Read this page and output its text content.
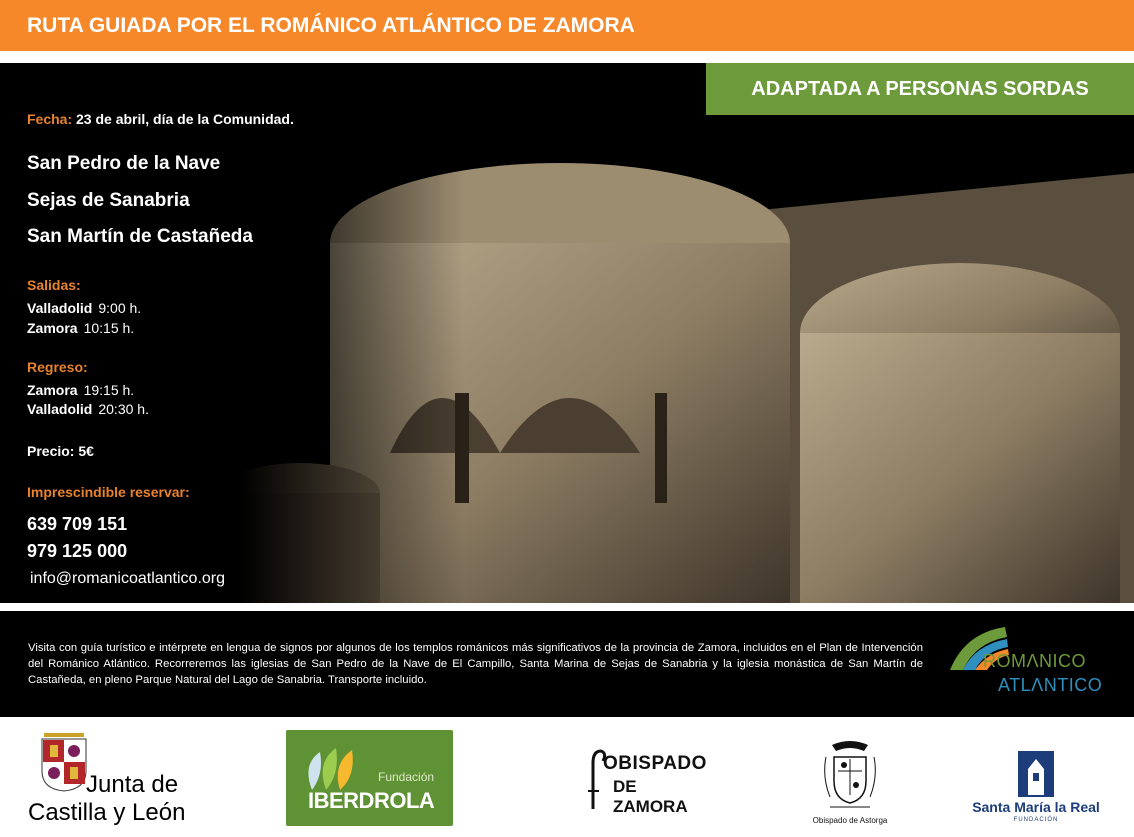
RUTA GUIADA POR EL ROMÁNICO ATLÁNTICO DE ZAMORA
ADAPTADA A PERSONAS SORDAS
Fecha: 23 de abril, día de la Comunidad.
San Pedro de la Nave
Sejas de Sanabria
San Martín de Castañeda
Salidas:
Valladolid 9:00 h.
Zamora 10:15 h.
Regreso:
Zamora 19:15 h.
Valladolid 20:30 h.
Precio: 5€
Imprescindible reservar:
639 709 151
979 125 000
info@romanicoatlantico.org

Visita con guía turístico e intérprete en lengua de signos por algunos de los templos románicos más significativos de la provincia de Zamora, incluidos en el Plan de Intervención del Románico Atlántico. Recorreremos las iglesias de San Pedro de la Nave de El Campillo, Santa Marina de Sejas de Sanabria y la iglesia monástica de San Martín de Castañeda, en pleno Parque Natural del Lago de Sanabria. Transporte incluido.

ROMΛNICO
ATLΛNTICO
Junta de
Castilla y León
Fundación
IBERDROLA
OBISPADO
DE ZAMORA
Obispado de Astorga
Santa María la Real
FUNDACIÓN
